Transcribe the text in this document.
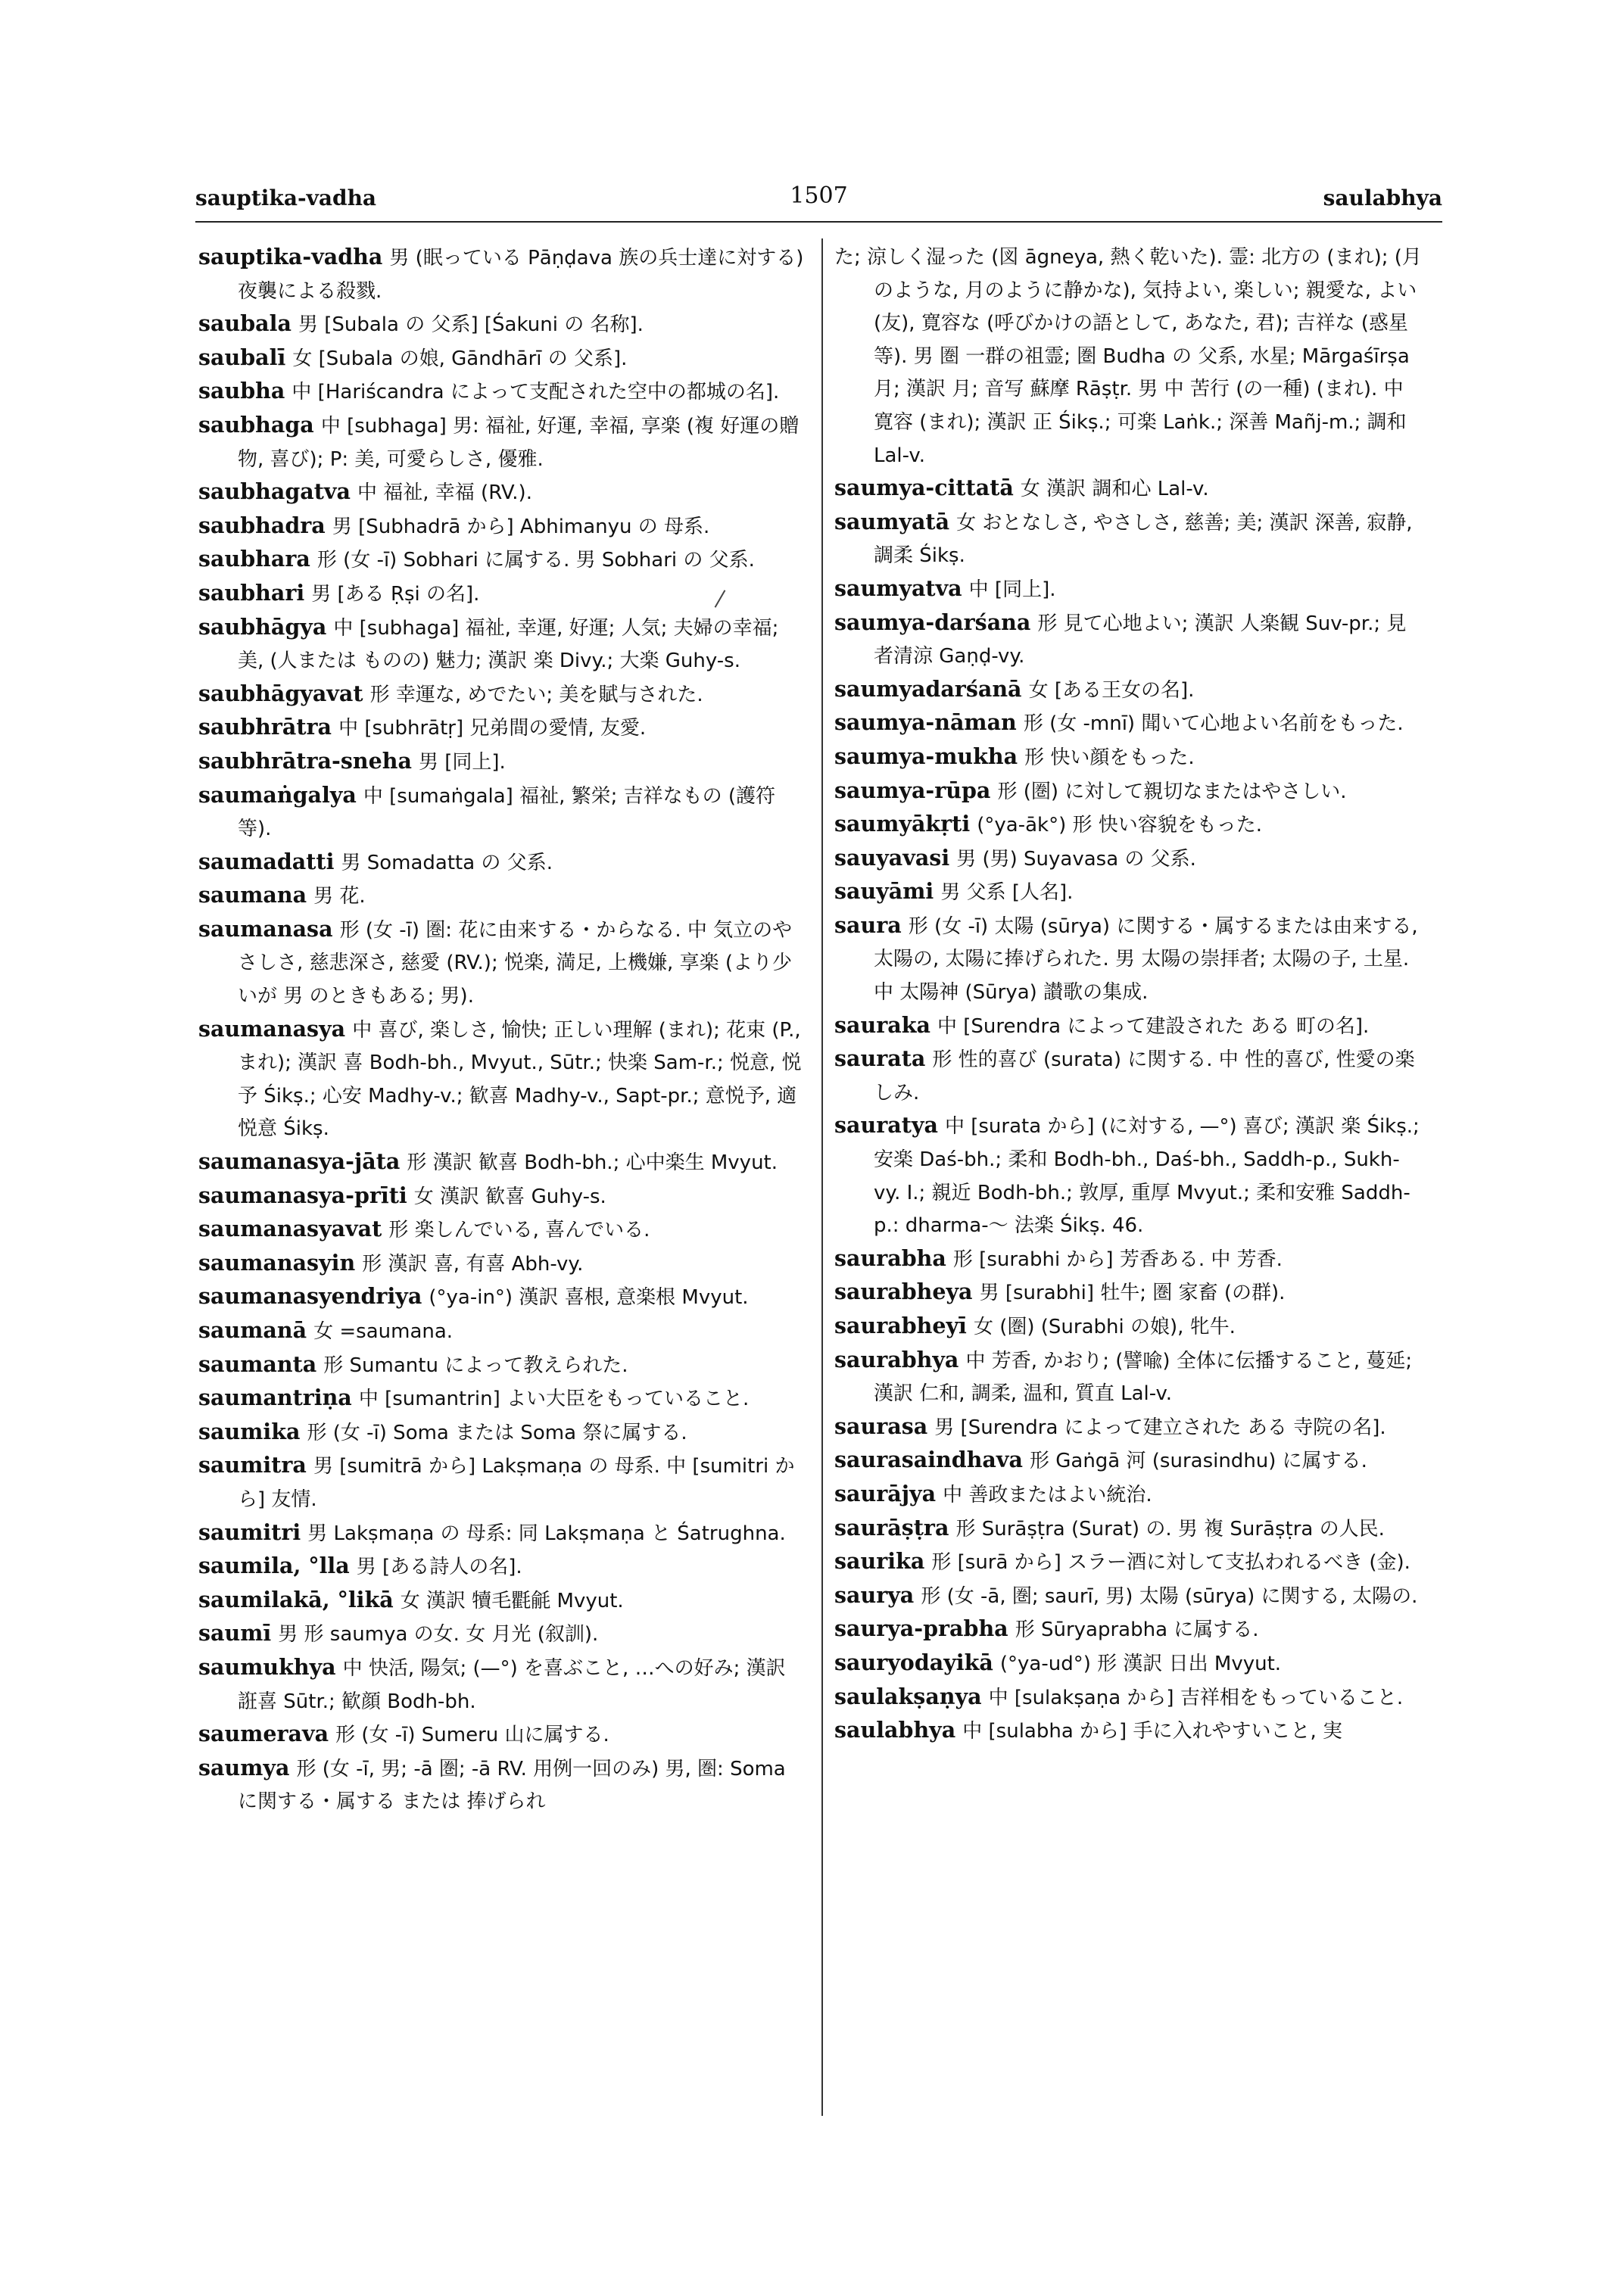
sauptika-vadha	1507	saulabhya

sauptika-vadha 男 (眠っている Pāṇḍava 族の兵士達に対する) 夜襲による殺戮.

saubala 男 [Subala の 父系] [Śakuni の 名称].

saubalī 女 [Subala の娘, Gāndhārī の 父系].

saubha 中 [Hariścandra によって支配された空中の都城の名].

saubhaga 中 [subhaga] 男: 福祉, 好運, 幸福, 享楽 (複 好運の贈物, 喜び); P: 美, 可愛らしさ, 優雅.

saubhagatva 中 福祉, 幸福 (RV.).

saubhadra 男 [Subhadrā から] Abhimanyu の 母系.

saubhara 形 (女 -ī) Sobhari に属する. 男 Sobhari の 父系.

saubhari 男 [ある Ṛṣi の名].

saubhāgya 中 [subhaga] 福祉, 幸運, 好運; 人気; 夫婦の幸福; 美, (人または ものの) 魅力; 漢訳 楽 Divy.; 大楽 Guhy-s.

saubhāgyavat 形 幸運な, めでたい; 美を賦与された.

saubhrātra 中 [subhrātṛ] 兄弟間の愛情, 友愛.

saubhrātra-sneha 男 [同上].

saumaṅgalya 中 [sumaṅgala] 福祉, 繁栄; 吉祥なもの (護符等).

saumadatti 男 Somadatta の 父系.

saumana 男 花.

saumanasa 形 (女 -ī) 圏: 花に由来する・からなる. 中 気立のやさしさ, 慈悲深さ, 慈愛 (RV.); 悦楽, 満足, 上機嫌, 享楽 (より少いが 男 のときもある; 男).

saumanasya 中 喜び, 楽しさ, 愉快; 正しい理解 (まれ); 花束 (P., まれ); 漢訳 喜 Bodh-bh., Mvyut., Sūtr.; 快楽 Sam-r.; 悦意, 悦予 Śikṣ.; 心安 Madhy-v.; 歓喜 Madhy-v., Sapt-pr.; 意悦予, 適悦意 Śikṣ.

saumanasya-jāta 形 漢訳 歓喜 Bodh-bh.; 心中楽生 Mvyut.

saumanasya-prīti 女 漢訳 歓喜 Guhy-s.

saumanasyavat 形 楽しんでいる, 喜んでいる.

saumanasyin 形 漢訳 喜, 有喜 Abh-vy.

saumanasyendriya (°ya-in°) 漢訳 喜根, 意楽根 Mvyut.

saumanā 女 =saumana.

saumanta 形 Sumantu によって教えられた.

saumantriṇa 中 [sumantrin] よい大臣をもっていること.

saumika 形 (女 -ī) Soma または Soma 祭に属する.

saumitra 男 [sumitrā から] Lakṣmaṇa の 母系. 中 [sumitri から] 友情.

saumitri 男 Lakṣmaṇa の 母系: 同 Lakṣmaṇa と Śatrughna.

saumila, °lla 男 [ある詩人の名].

saumilakā, °likā 女 漢訳 犢毛氍毹 Mvyut.

saumī 男 形 saumya の女. 女 月光 (叙訓).

saumukhya 中 快活, 陽気; (—°) を喜ぶこと, …への好み; 漢訳 誑喜 Sūtr.; 歓顔 Bodh-bh.

saumerava 形 (女 -ī) Sumeru 山に属する.

saumya 形 (女 -ī, 男; -ā 圏; -ā RV. 用例一回のみ) 男, 圏: Soma に関する・属する または 捧げられ

た; 涼しく湿った (図 āgneya, 熱く乾いた). 霊: 北方の (まれ); (月のような, 月のように静かな), 気持よい, 楽しい; 親愛な, よい (友), 寛容な (呼びかけの語として, あなた, 君); 吉祥な (惑星等). 男 圏 一群の祖霊; 圏 Budha の 父系, 水星; Mārgaśīrṣa 月; 漢訳 月; 音写 蘇摩 Rāṣṭr. 男 中 苦行 (の一種) (まれ). 中 寛容 (まれ); 漢訳 正 Śikṣ.; 可楽 Laṅk.; 深善 Mañj-m.; 調和 Lal-v.

saumya-cittatā 女 漢訳 調和心 Lal-v.

saumyatā 女 おとなしさ, やさしさ, 慈善; 美; 漢訳 深善, 寂静, 調柔 Śikṣ.

saumyatva 中 [同上].

saumya-darśana 形 見て心地よい; 漢訳 人楽観 Suv-pr.; 見者清涼 Gaṇḍ-vy.

saumyadarśanā 女 [ある王女の名].

saumya-nāman 形 (女 -mnī) 聞いて心地よい名前をもった.

saumya-mukha 形 快い顔をもった.

saumya-rūpa 形 (圏) に対して親切なまたはやさしい.

saumyākṛti (°ya-āk°) 形 快い容貌をもった.

sauyavasi 男 (男) Suyavasa の 父系.

sauyāmi 男 父系 [人名].

saura 形 (女 -ī) 太陽 (sūrya) に関する・属するまたは由来する, 太陽の, 太陽に捧げられた. 男 太陽の崇拝者; 太陽の子, 土星. 中 太陽神 (Sūrya) 讃歌の集成.

sauraka 中 [Surendra によって建設された ある 町の名].

saurata 形 性的喜び (surata) に関する. 中 性的喜び, 性愛の楽しみ.

sauratya 中 [surata から] (に対する, —°) 喜び; 漢訳 楽 Śikṣ.; 安楽 Daś-bh.; 柔和 Bodh-bh., Daś-bh., Saddh-p., Sukh-vy. I.; 親近 Bodh-bh.; 敦厚, 重厚 Mvyut.; 柔和安雅 Saddh-p.: dharma-〜 法楽 Śikṣ. 46.

saurabha 形 [surabhi から] 芳香ある. 中 芳香.

saurabheya 男 [surabhi] 牡牛; 圏 家畜 (の群).

saurabheyī 女 (圏) (Surabhi の娘), 牝牛.

saurabhya 中 芳香, かおり; (譬喩) 全体に伝播すること, 蔓延; 漢訳 仁和, 調柔, 温和, 質直 Lal-v.

saurasa 男 [Surendra によって建立された ある 寺院の名].

saurasaindhava 形 Gaṅgā 河 (surasindhu) に属する.

saurājya 中 善政またはよい統治.

saurāṣṭra 形 Surāṣṭra (Surat) の. 男 複 Surāṣṭra の人民.

saurika 形 [surā から] スラー酒に対して支払われるべき (金).

saurya 形 (女 -ā, 圏; saurī, 男) 太陽 (sūrya) に関する, 太陽の.

saurya-prabha 形 Sūryaprabha に属する.

sauryodayikā (°ya-ud°) 形 漢訳 日出 Mvyut.

saulakṣaṇya 中 [sulakṣaṇa から] 吉祥相をもっていること.

saulabhya 中 [sulabha から] 手に入れやすいこと, 実
